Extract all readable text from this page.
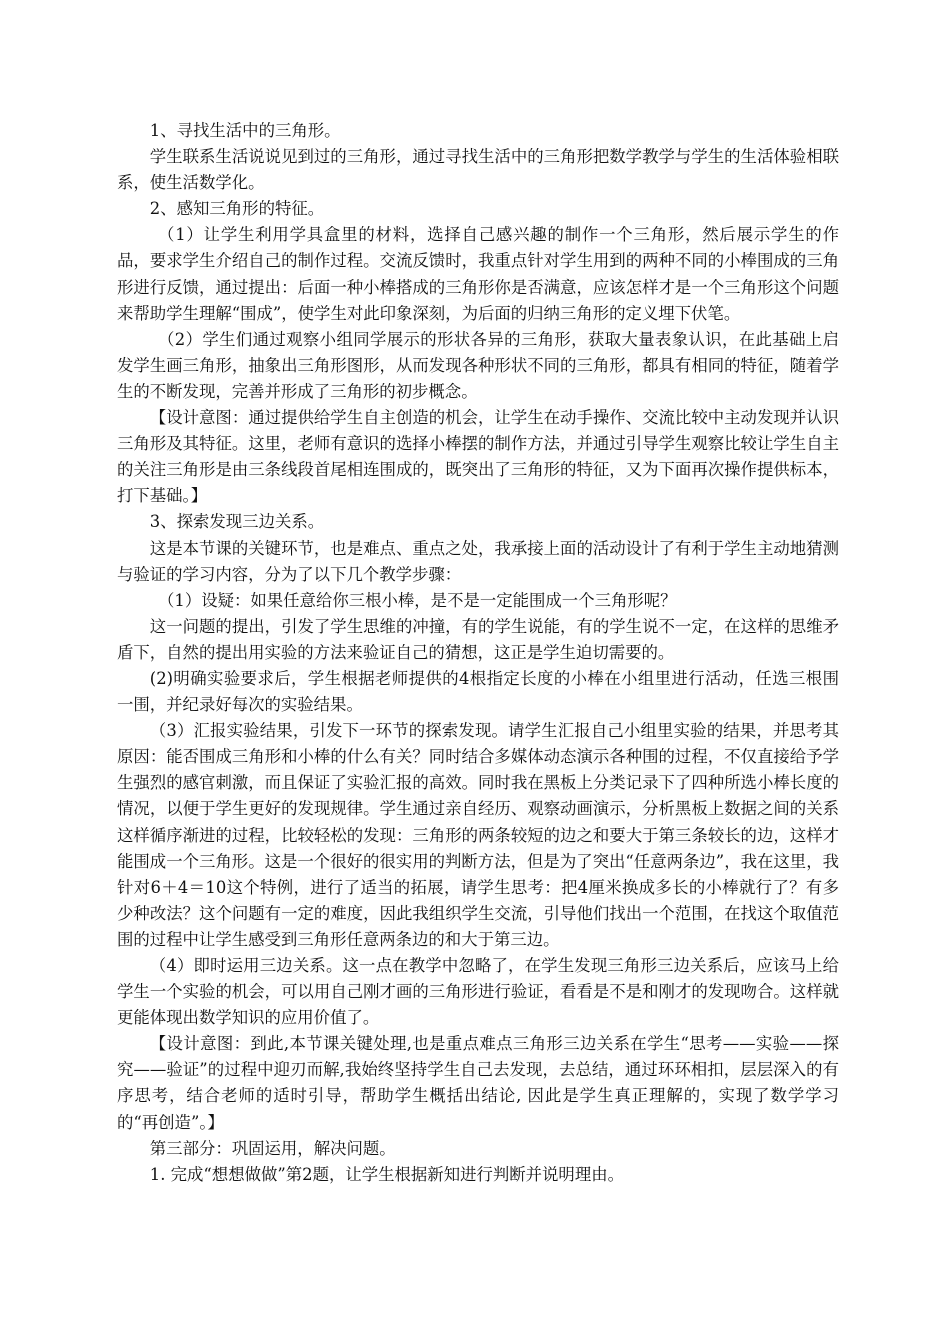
1、寻找生活中的三角形。

学生联系生活说说见到过的三角形，通过寻找生活中的三角形把数学教学与学生的生活体验相联系，使生活数学化。

2、感知三角形的特征。

（1）让学生利用学具盒里的材料，选择自己感兴趣的制作一个三角形，然后展示学生的作品，要求学生介绍自己的制作过程。交流反馈时，我重点针对学生用到的两种不同的小棒围成的三角形进行反馈，通过提出：后面一种小棒搭成的三角形你是否满意，应该怎样才是一个三角形这个问题来帮助学生理解“围成”，使学生对此印象深刻，为后面的归纳三角形的定义埋下伏笔。

（2）学生们通过观察小组同学展示的形状各异的三角形，获取大量表象认识，在此基础上启发学生画三角形，抽象出三角形图形，从而发现各种形状不同的三角形，都具有相同的特征，随着学生的不断发现，完善并形成了三角形的初步概念。

【设计意图：通过提供给学生自主创造的机会，让学生在动手操作、交流比较中主动发现并认识三角形及其特征。这里，老师有意识的选择小棒摆的制作方法，并通过引导学生观察比较让学生自主的关注三角形是由三条线段首尾相连围成的，既突出了三角形的特征，又为下面再次操作提供标本，打下基础。】

3、探索发现三边关系。

这是本节课的关键环节，也是难点、重点之处，我承接上面的活动设计了有利于学生主动地猜测与验证的学习内容，分为了以下几个教学步骤：

（1）设疑：如果任意给你三根小棒，是不是一定能围成一个三角形呢？

这一问题的提出，引发了学生思维的冲撞，有的学生说能，有的学生说不一定，在这样的思维矛盾下，自然的提出用实验的方法来验证自己的猜想，这正是学生迫切需要的。

(2)明确实验要求后，学生根据老师提供的4根指定长度的小棒在小组里进行活动，任选三根围一围，并纪录好每次的实验结果。

（3）汇报实验结果，引发下一环节的探索发现。请学生汇报自己小组里实验的结果，并思考其原因：能否围成三角形和小棒的什么有关？同时结合多媒体动态演示各种围的过程，不仅直接给予学生强烈的感官刺激，而且保证了实验汇报的高效。同时我在黑板上分类记录下了四种所选小棒长度的情况，以便于学生更好的发现规律。学生通过亲自经历、观察动画演示，分析黑板上数据之间的关系这样循序渐进的过程，比较轻松的发现：三角形的两条较短的边之和要大于第三条较长的边，这样才能围成一个三角形。这是一个很好的很实用的判断方法，但是为了突出“任意两条边”，我在这里，我针对6＋4＝10这个特例，进行了适当的拓展，请学生思考：把4厘米换成多长的小棒就行了？有多少种改法？这个问题有一定的难度，因此我组织学生交流，引导他们找出一个范围，在找这个取值范围的过程中让学生感受到三角形任意两条边的和大于第三边。

（4）即时运用三边关系。这一点在教学中忽略了，在学生发现三角形三边关系后，应该马上给学生一个实验的机会，可以用自己刚才画的三角形进行验证，看看是不是和刚才的发现吻合。这样就更能体现出数学知识的应用价值了。

【设计意图：到此,本节课关键处理,也是重点难点三角形三边关系在学生“思考——实验——探究——验证”的过程中迎刃而解,我始终坚持学生自己去发现，去总结，通过环环相扣，层层深入的有序思考，结合老师的适时引导，帮助学生概括出结论, 因此是学生真正理解的，实现了数学学习的“再创造”。】

第三部分：巩固运用，解决问题。

1. 完成“想想做做”第2题，让学生根据新知进行判断并说明理由。
